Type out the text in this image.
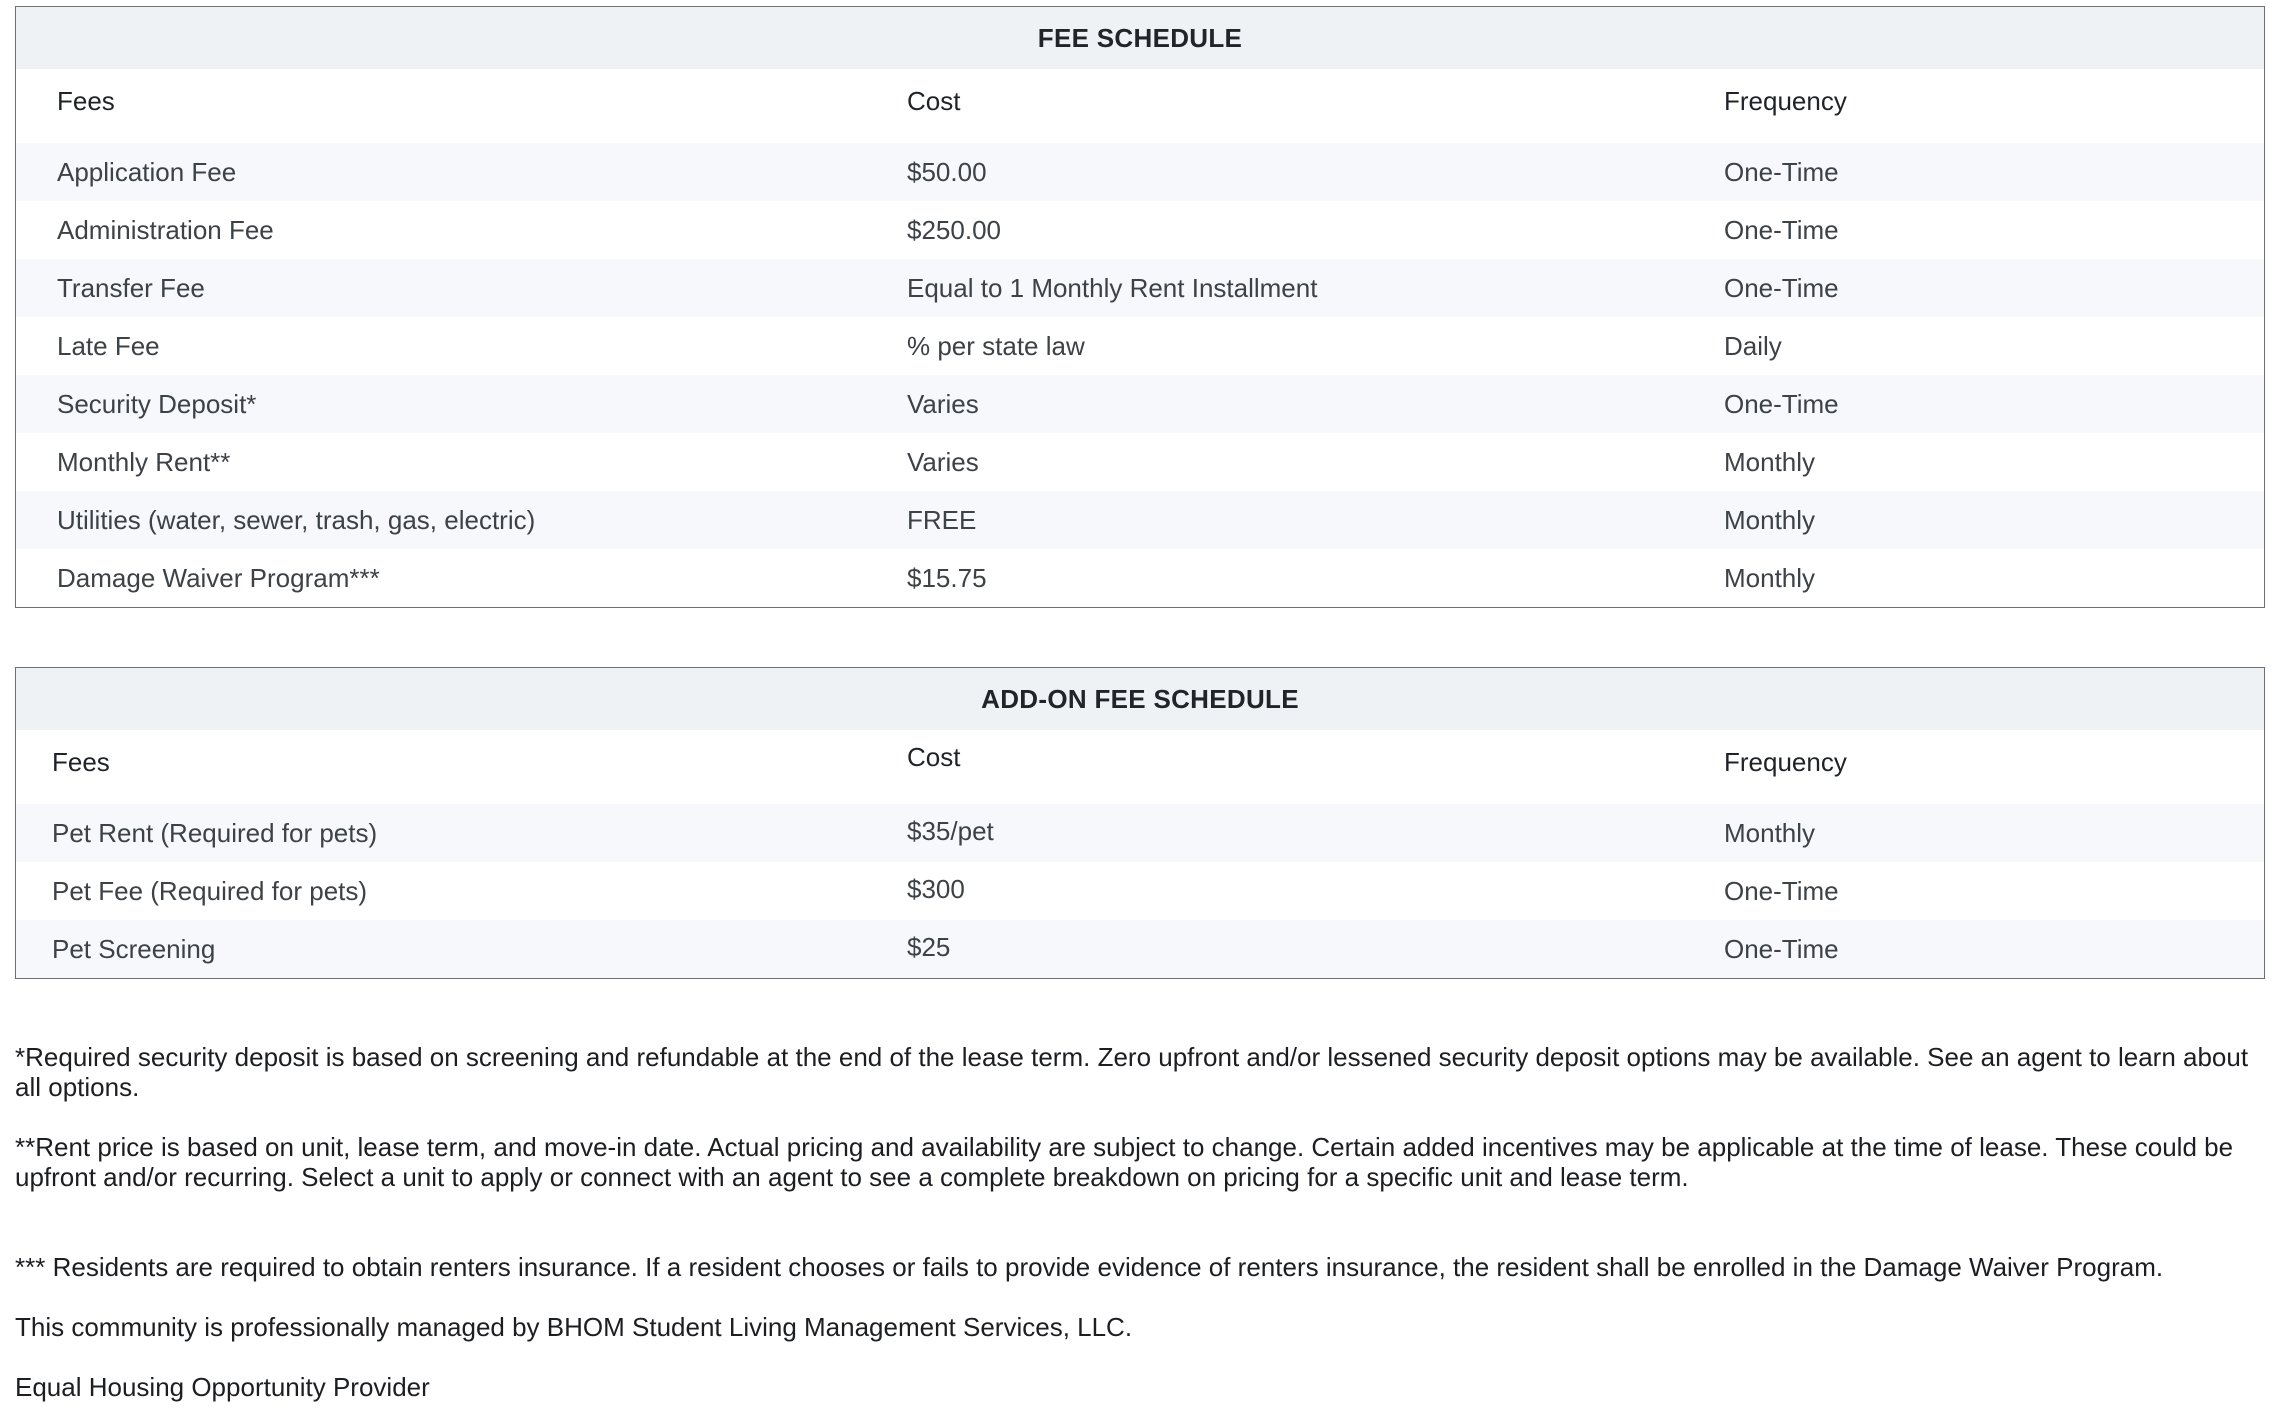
FEE SCHEDULE
Fees	Cost	Frequency
Application Fee	$50.00	One-Time
Administration Fee	$250.00	One-Time
Transfer Fee	Equal to 1 Monthly Rent Installment	One-Time
Late Fee	% per state law	Daily
Security Deposit*	Varies	One-Time
Monthly Rent**	Varies	Monthly
Utilities (water, sewer, trash, gas, electric)	FREE	Monthly
Damage Waiver Program***	$15.75	Monthly
ADD-ON FEE SCHEDULE
Fees	Cost	Frequency
Pet Rent (Required for pets)	$35/pet	Monthly
Pet Fee (Required for pets)	$300	One-Time
Pet Screening	$25	One-Time

*Required security deposit is based on screening and refundable at the end of the lease term. Zero upfront and/or lessened security deposit options may be available. See an agent to learn about all options.

**Rent price is based on unit, lease term, and move-in date. Actual pricing and availability are subject to change. Certain added incentives may be applicable at the time of lease. These could be upfront and/or recurring. Select a unit to apply or connect with an agent to see a complete breakdown on pricing for a specific unit and lease term.

*** Residents are required to obtain renters insurance. If a resident chooses or fails to provide evidence of renters insurance, the resident shall be enrolled in the Damage Waiver Program.

This community is professionally managed by BHOM Student Living Management Services, LLC.

Equal Housing Opportunity Provider
